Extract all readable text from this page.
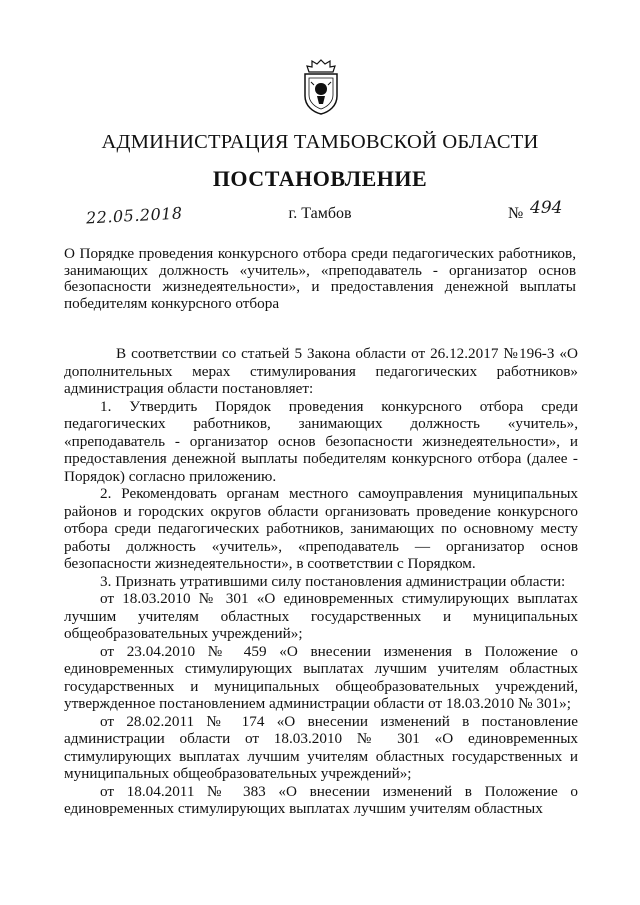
АДМИНИСТРАЦИЯ ТАМБОВСКОЙ ОБЛАСТИ
ПОСТАНОВЛЕНИЕ
22.05.2018	г. Тамбов	№ 494
О Порядке проведения конкурсного отбора среди педагогических работников, занимающих должность «учитель», «преподаватель - организатор основ безопасности жизнедеятельности», и предоставления денежной выплаты победителям конкурсного отбора

В соответствии со статьей 5 Закона области от 26.12.2017 №196-З «О дополнительных мерах стимулирования педагогических работников» администрация области постановляет:

1. Утвердить Порядок проведения конкурсного отбора среди педагогических работников, занимающих должность «учитель», «преподаватель - организатор основ безопасности жизнедеятельности», и предоставления денежной выплаты победителям конкурсного отбора (далее - Порядок) согласно приложению.

2. Рекомендовать органам местного самоуправления муниципальных районов и городских округов области организовать проведение конкурсного отбора среди педагогических работников, занимающих по основному месту работы должность «учитель», «преподаватель — организатор основ безопасности жизнедеятельности», в соответствии с Порядком.

3. Признать утратившими силу постановления администрации области:

от 18.03.2010 № 301 «О единовременных стимулирующих выплатах лучшим учителям областных государственных и муниципальных общеобразовательных учреждений»;

от 23.04.2010 № 459 «О внесении изменения в Положение о единовременных стимулирующих выплатах лучшим учителям областных государственных и муниципальных общеобразовательных учреждений, утвержденное постановлением администрации области от 18.03.2010 № 301»;

от 28.02.2011 № 174 «О внесении изменений в постановление администрации области от 18.03.2010 № 301 «О единовременных стимулирующих выплатах лучшим учителям областных государственных и муниципальных общеобразовательных учреждений»;

от 18.04.2011 № 383 «О внесении изменений в Положение о единовременных стимулирующих выплатах лучшим учителям областных
